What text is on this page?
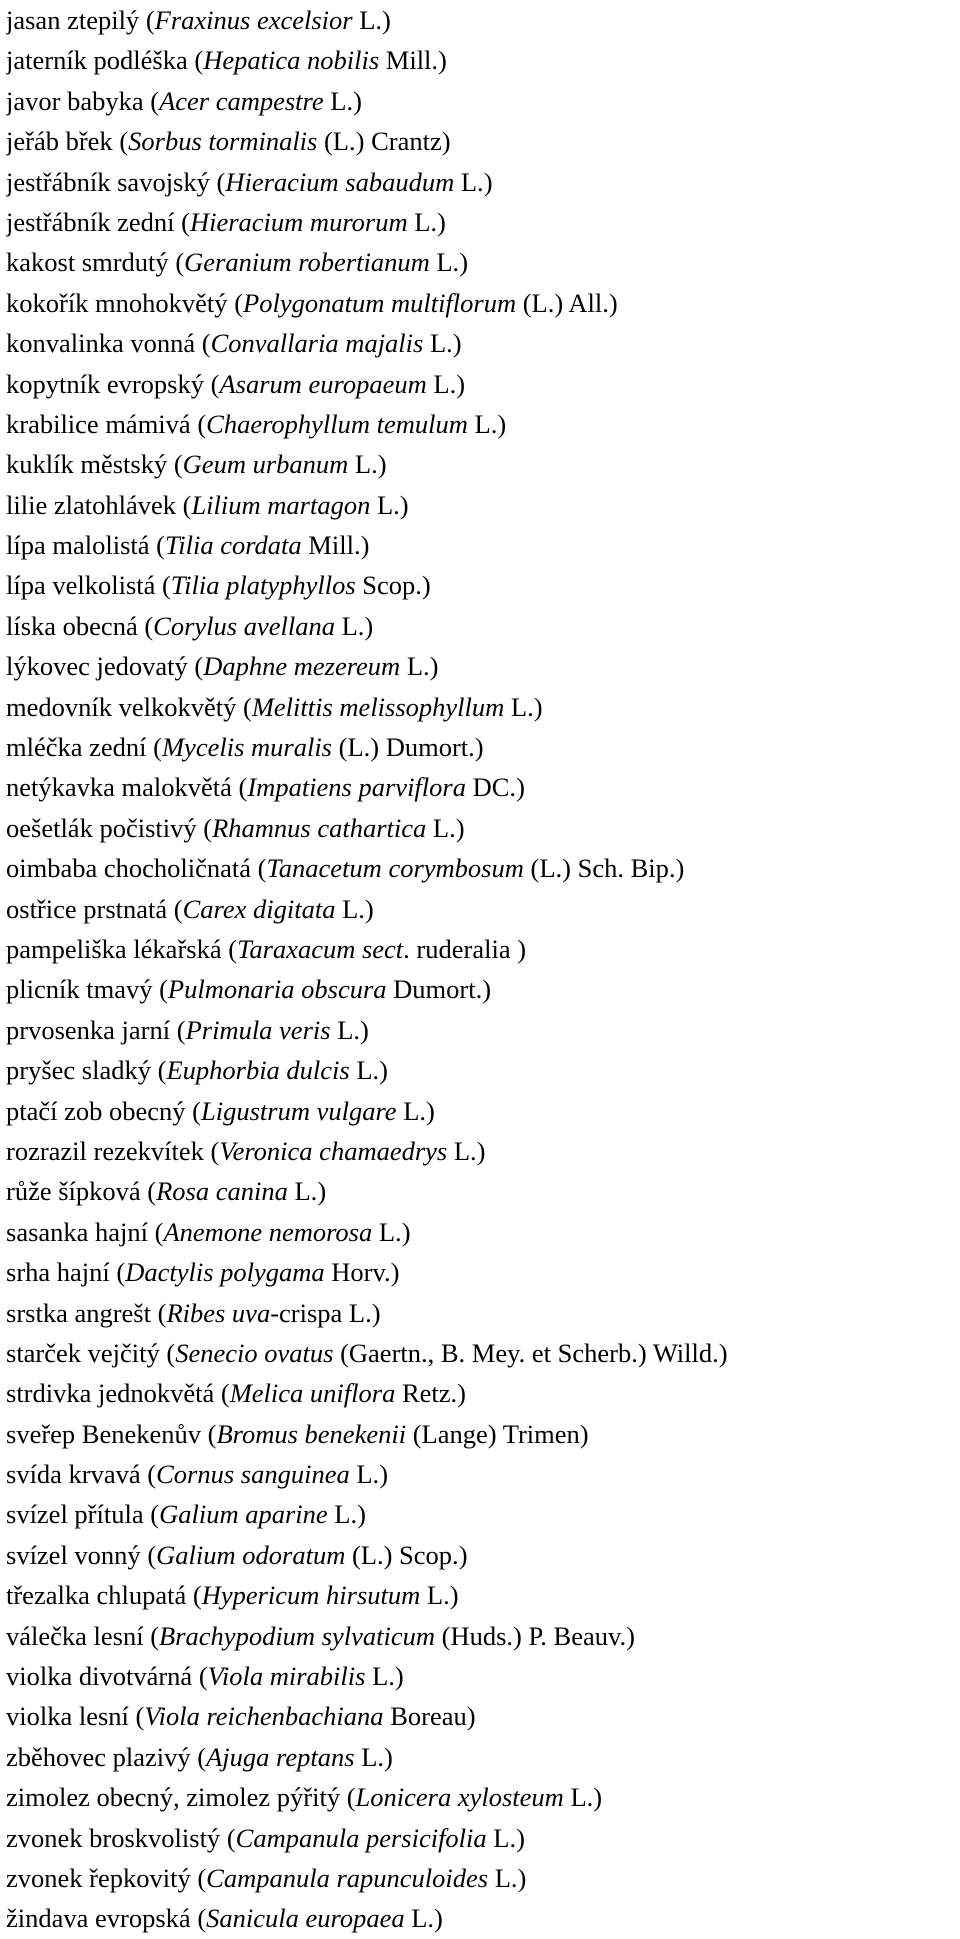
jasan ztepilý (Fraxinus excelsior L.)
jaterník podléška (Hepatica nobilis Mill.)
javor babyka (Acer campestre L.)
jeřáb břek (Sorbus torminalis (L.) Crantz)
jestřábník savojský (Hieracium sabaudum L.)
jestřábník zední (Hieracium murorum L.)
kakost smrdutý (Geranium robertianum L.)
kokořík mnohokvětý (Polygonatum multiflorum (L.) All.)
konvalinka vonná (Convallaria majalis L.)
kopytník evropský (Asarum europaeum L.)
krabilice mámivá (Chaerophyllum temulum L.)
kuklík městský (Geum urbanum L.)
lilie zlatohlávek (Lilium martagon L.)
lípa malolistá (Tilia cordata Mill.)
lípa velkolistá (Tilia platyphyllos Scop.)
líska obecná (Corylus avellana L.)
lýkovec jedovatý (Daphne mezereum L.)
medovník velkokvětý (Melittis melissophyllum L.)
mléčka zední (Mycelis muralis (L.) Dumort.)
netýkavka malokvětá (Impatiens parviflora DC.)
oešetlák počistivý (Rhamnus cathartica L.)
oimbaba chocholičnatá (Tanacetum corymbosum (L.) Sch. Bip.)
ostřice prstnatá (Carex digitata L.)
pampeliška lékařská (Taraxacum sect. ruderalia )
plicník tmavý (Pulmonaria obscura Dumort.)
prvosenka jarní (Primula veris L.)
pryšec sladký (Euphorbia dulcis L.)
ptačí zob obecný (Ligustrum vulgare L.)
rozrazil rezekvítek (Veronica chamaedrys L.)
růže šípková (Rosa canina L.)
sasanka hajní (Anemone nemorosa L.)
srha hajní (Dactylis polygama Horv.)
srstka angrešt (Ribes uva-crispa L.)
starček vejčitý (Senecio ovatus (Gaertn., B. Mey. et Scherb.) Willd.)
strdivka jednokvětá (Melica uniflora Retz.)
sveřep Benekenův (Bromus benekenii (Lange) Trimen)
svída krvavá (Cornus sanguinea L.)
svízel přítula (Galium aparine L.)
svízel vonný (Galium odoratum (L.) Scop.)
třezalka chlupatá (Hypericum hirsutum L.)
válečka lesní (Brachypodium sylvaticum (Huds.) P. Beauv.)
violka divotvárná (Viola mirabilis L.)
violka lesní (Viola reichenbachiana Boreau)
zběhovec plazivý (Ajuga reptans L.)
zimolez obecný, zimolez pýřitý (Lonicera xylosteum L.)
zvonek broskvolistý (Campanula persicifolia L.)
zvonek řepkovitý (Campanula rapunculoides L.)
žindava evropská (Sanicula europaea L.)
